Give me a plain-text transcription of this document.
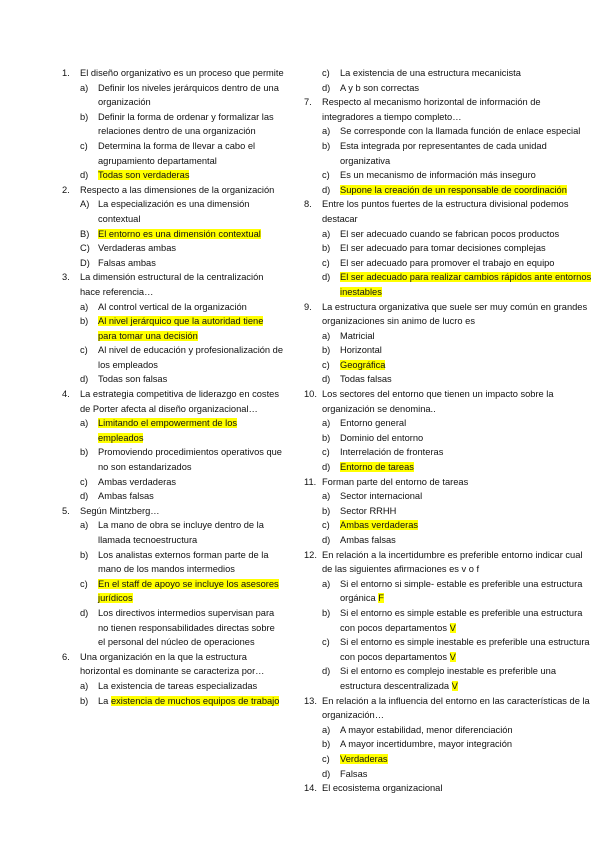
1. El diseño organizativo es un proceso que permite
a) Definir los niveles jerárquicos dentro de una organización
b) Definir la forma de ordenar y formalizar las relaciones dentro de una organización
c) Determina la forma de llevar a cabo el agrupamiento departamental
d) Todas son verdaderas
2. Respecto a las dimensiones de la organización
A) La especialización es una dimensión contextual
B) El entorno es una dimensión contextual
C) Verdaderas ambas
D) Falsas ambas
3. La dimensión estructural de la centralización hace referencia…
a) Al control vertical de la organización
b) Al nivel jerárquico que la autoridad tiene para tomar una decisión
c) Al nivel de educación y profesionalización de los empleados
d) Todas son falsas
4. La estrategia competitiva de liderazgo en costes de Porter afecta al diseño organizacional…
a) Limitando el empowerment de los empleados
b) Promoviendo procedimientos operativos que no son estandarizados
c) Ambas verdaderas
d) Ambas falsas
5. Según Mintzberg…
a) La mano de obra se incluye dentro de la llamada tecnoestructura
b) Los analistas externos forman parte de la mano de los mandos intermedios
c) En el staff de apoyo se incluye los asesores jurídicos
d) Los directivos intermedios supervisan para no tienen responsabilidades directas sobre el personal del núcleo de operaciones
6. Una organización en la que la estructura horizontal es dominante se caracteriza por…
a) La existencia de tareas especializadas
b) La existencia de muchos equipos de trabajo
c) La existencia de una estructura mecanicista
d) A y b son correctas
7. Respecto al mecanismo horizontal de información de integradores a tiempo completo…
a) Se corresponde con la llamada función de enlace especial
b) Esta integrada por representantes de cada unidad organizativa
c) Es un mecanismo de información más inseguro
d) Supone la creación de un responsable de coordinación
8. Entre los puntos fuertes de la estructura divisional podemos destacar
a) El ser adecuado cuando se fabrican pocos productos
b) El ser adecuado para tomar decisiones complejas
c) El ser adecuado para promover el trabajo en equipo
d) El ser adecuado para realizar cambios rápidos ante entornos inestables
9. La estructura organizativa que suele ser muy común en grandes organizaciones sin animo de lucro es
a) Matricial
b) Horizontal
c) Geográfica
d) Todas falsas
10. Los sectores del entorno que tienen un impacto sobre la organización se denomina..
a) Entorno general
b) Dominio del entorno
c) Interrelación de fronteras
d) Entorno de tareas
11. Forman parte del entorno de tareas
a) Sector internacional
b) Sector RRHH
c) Ambas verdaderas
d) Ambas falsas
12. En relación a la incertidumbre es preferible entorno indicar cual de las siguientes afirmaciones es v o f
a) Si el entorno si simple- estable es preferible una estructura orgánica F
b) Si el entorno es simple estable es preferible una estructura con pocos departamentos V
c) Si el entorno es simple inestable es preferible una estructura con pocos departamentos V
d) Si el entorno es complejo inestable es preferible una estructura descentralizada V
13. En relación a la influencia del entorno en las características de la organización…
a) A mayor estabilidad, menor diferenciación
b) A mayor incertidumbre, mayor integración
c) Verdaderas
d) Falsas
14. El ecosistema organizacional
